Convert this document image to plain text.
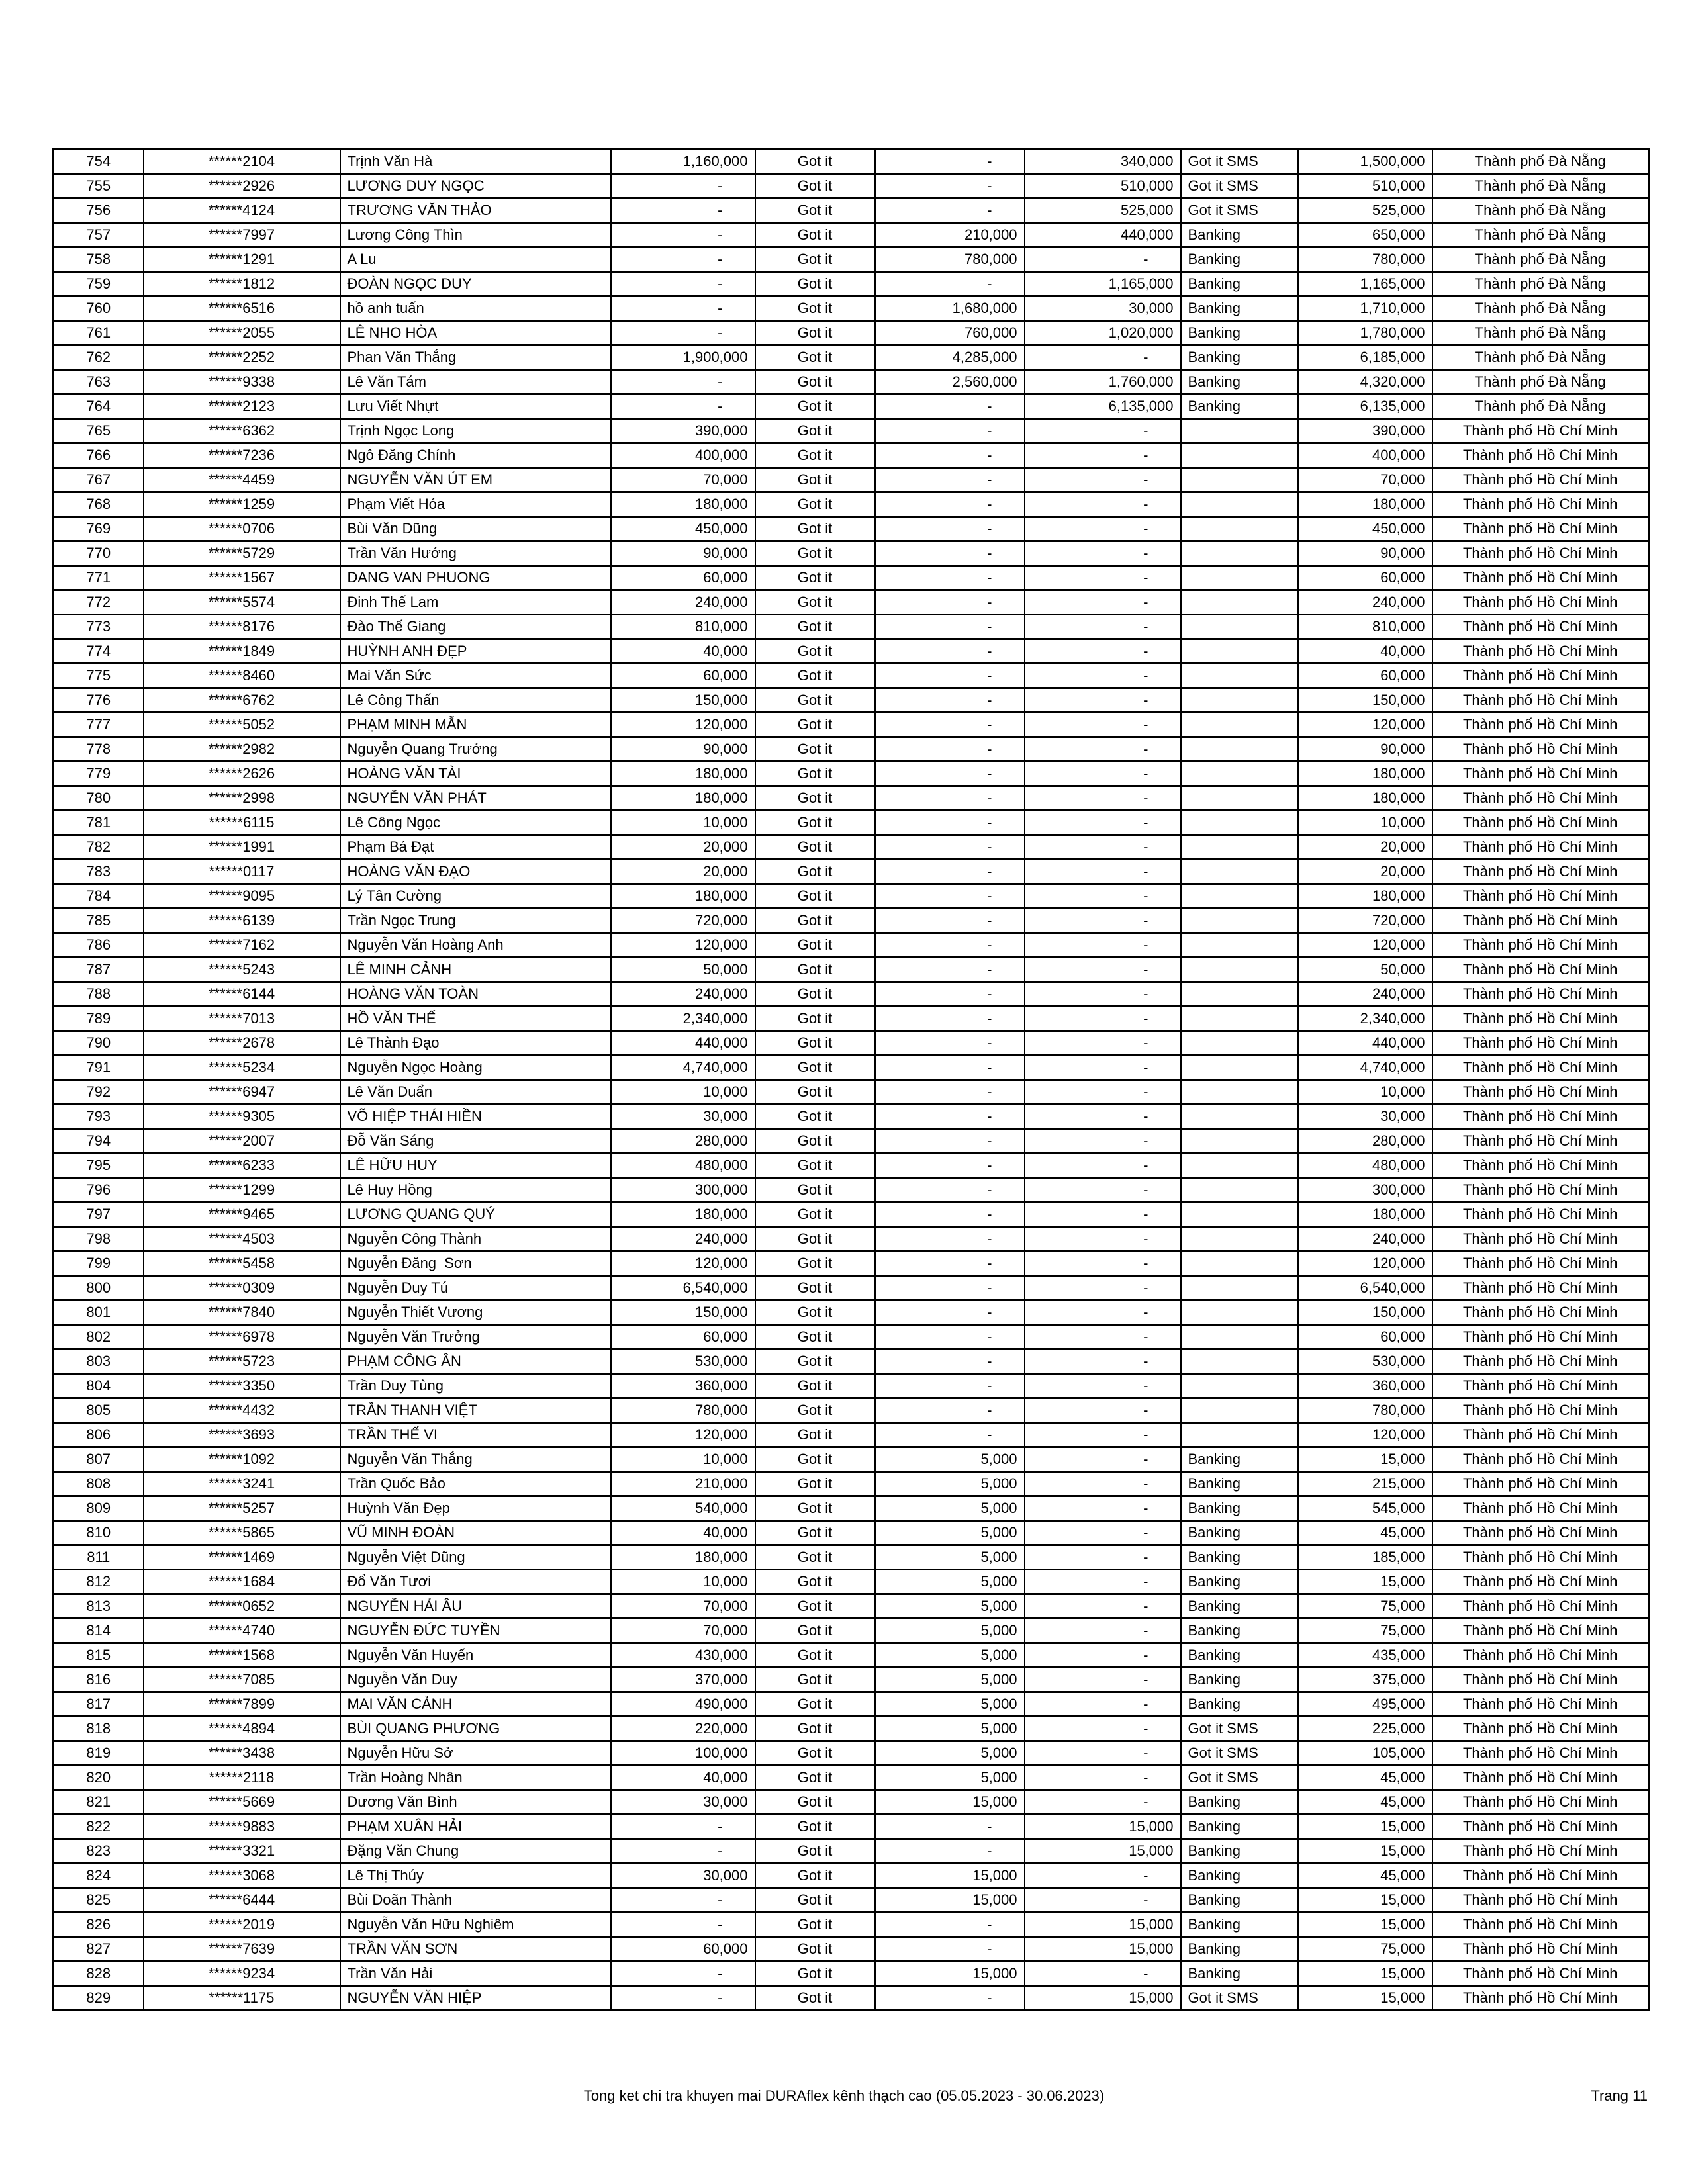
754	******2104	Trịnh Văn Hà	1,160,000	Got it	-	340,000	Got it SMS	1,500,000	Thành phố Đà Nẵng
755	******2926	LƯƠNG DUY NGỌC	-	Got it	-	510,000	Got it SMS	510,000	Thành phố Đà Nẵng
756	******4124	TRƯƠNG VĂN THẢO	-	Got it	-	525,000	Got it SMS	525,000	Thành phố Đà Nẵng
757	******7997	Lương Công Thìn	-	Got it	210,000	440,000	Banking	650,000	Thành phố Đà Nẵng
758	******1291	A Lu	-	Got it	780,000	-	Banking	780,000	Thành phố Đà Nẵng
759	******1812	ĐOÀN NGỌC DUY	-	Got it	-	1,165,000	Banking	1,165,000	Thành phố Đà Nẵng
760	******6516	hồ anh tuấn	-	Got it	1,680,000	30,000	Banking	1,710,000	Thành phố Đà Nẵng
761	******2055	LÊ NHO HÒA	-	Got it	760,000	1,020,000	Banking	1,780,000	Thành phố Đà Nẵng
762	******2252	Phan Văn Thắng	1,900,000	Got it	4,285,000	-	Banking	6,185,000	Thành phố Đà Nẵng
763	******9338	Lê Văn Tám	-	Got it	2,560,000	1,760,000	Banking	4,320,000	Thành phố Đà Nẵng
764	******2123	Lưu Viết Nhựt	-	Got it	-	6,135,000	Banking	6,135,000	Thành phố Đà Nẵng
765	******6362	Trịnh Ngọc Long	390,000	Got it	-	-		390,000	Thành phố Hồ Chí Minh
766	******7236	Ngô Đăng Chính	400,000	Got it	-	-		400,000	Thành phố Hồ Chí Minh
767	******4459	NGUYỄN VĂN ÚT EM	70,000	Got it	-	-		70,000	Thành phố Hồ Chí Minh
768	******1259	Phạm Viết Hóa	180,000	Got it	-	-		180,000	Thành phố Hồ Chí Minh
769	******0706	Bùi Văn Dũng	450,000	Got it	-	-		450,000	Thành phố Hồ Chí Minh
770	******5729	Trần Văn Hướng	90,000	Got it	-	-		90,000	Thành phố Hồ Chí Minh
771	******1567	DANG VAN PHUONG	60,000	Got it	-	-		60,000	Thành phố Hồ Chí Minh
772	******5574	Đinh Thế Lam	240,000	Got it	-	-		240,000	Thành phố Hồ Chí Minh
773	******8176	Đào Thế Giang	810,000	Got it	-	-		810,000	Thành phố Hồ Chí Minh
774	******1849	HUỲNH ANH ĐẸP	40,000	Got it	-	-		40,000	Thành phố Hồ Chí Minh
775	******8460	Mai Văn Sức	60,000	Got it	-	-		60,000	Thành phố Hồ Chí Minh
776	******6762	Lê Công Thấn	150,000	Got it	-	-		150,000	Thành phố Hồ Chí Minh
777	******5052	PHẠM MINH MẪN	120,000	Got it	-	-		120,000	Thành phố Hồ Chí Minh
778	******2982	Nguyễn Quang Trưởng	90,000	Got it	-	-		90,000	Thành phố Hồ Chí Minh
779	******2626	HOÀNG VĂN TÀI	180,000	Got it	-	-		180,000	Thành phố Hồ Chí Minh
780	******2998	NGUYỄN VĂN PHÁT	180,000	Got it	-	-		180,000	Thành phố Hồ Chí Minh
781	******6115	Lê Công Ngọc	10,000	Got it	-	-		10,000	Thành phố Hồ Chí Minh
782	******1991	Phạm Bá Đạt	20,000	Got it	-	-		20,000	Thành phố Hồ Chí Minh
783	******0117	HOÀNG VĂN ĐẠO	20,000	Got it	-	-		20,000	Thành phố Hồ Chí Minh
784	******9095	Lý Tân Cường	180,000	Got it	-	-		180,000	Thành phố Hồ Chí Minh
785	******6139	Trần Ngọc Trung	720,000	Got it	-	-		720,000	Thành phố Hồ Chí Minh
786	******7162	Nguyễn Văn Hoàng Anh	120,000	Got it	-	-		120,000	Thành phố Hồ Chí Minh
787	******5243	LÊ MINH CẢNH	50,000	Got it	-	-		50,000	Thành phố Hồ Chí Minh
788	******6144	HOÀNG VĂN TOÀN	240,000	Got it	-	-		240,000	Thành phố Hồ Chí Minh
789	******7013	HỒ VĂN THẾ	2,340,000	Got it	-	-		2,340,000	Thành phố Hồ Chí Minh
790	******2678	Lê Thành Đạo	440,000	Got it	-	-		440,000	Thành phố Hồ Chí Minh
791	******5234	Nguyễn Ngọc Hoàng	4,740,000	Got it	-	-		4,740,000	Thành phố Hồ Chí Minh
792	******6947	Lê Văn Duẩn	10,000	Got it	-	-		10,000	Thành phố Hồ Chí Minh
793	******9305	VÕ HIỆP THÁI HIỀN	30,000	Got it	-	-		30,000	Thành phố Hồ Chí Minh
794	******2007	Đỗ Văn Sáng	280,000	Got it	-	-		280,000	Thành phố Hồ Chí Minh
795	******6233	LÊ HỮU HUY	480,000	Got it	-	-		480,000	Thành phố Hồ Chí Minh
796	******1299	Lê Huy Hồng	300,000	Got it	-	-		300,000	Thành phố Hồ Chí Minh
797	******9465	LƯƠNG QUANG QUÝ	180,000	Got it	-	-		180,000	Thành phố Hồ Chí Minh
798	******4503	Nguyễn Công Thành	240,000	Got it	-	-		240,000	Thành phố Hồ Chí Minh
799	******5458	Nguyễn Đăng  Sơn	120,000	Got it	-	-		120,000	Thành phố Hồ Chí Minh
800	******0309	Nguyễn Duy Tú	6,540,000	Got it	-	-		6,540,000	Thành phố Hồ Chí Minh
801	******7840	Nguyễn Thiết Vương	150,000	Got it	-	-		150,000	Thành phố Hồ Chí Minh
802	******6978	Nguyễn Văn Trưởng	60,000	Got it	-	-		60,000	Thành phố Hồ Chí Minh
803	******5723	PHẠM CÔNG ÂN	530,000	Got it	-	-		530,000	Thành phố Hồ Chí Minh
804	******3350	Trần Duy Tùng	360,000	Got it	-	-		360,000	Thành phố Hồ Chí Minh
805	******4432	TRẦN THANH VIỆT	780,000	Got it	-	-		780,000	Thành phố Hồ Chí Minh
806	******3693	TRẦN THẾ VI	120,000	Got it	-	-		120,000	Thành phố Hồ Chí Minh
807	******1092	Nguyễn Văn Thắng	10,000	Got it	5,000	-	Banking	15,000	Thành phố Hồ Chí Minh
808	******3241	Trần Quốc Bảo	210,000	Got it	5,000	-	Banking	215,000	Thành phố Hồ Chí Minh
809	******5257	Huỳnh Văn Đẹp	540,000	Got it	5,000	-	Banking	545,000	Thành phố Hồ Chí Minh
810	******5865	VŨ MINH ĐOÀN	40,000	Got it	5,000	-	Banking	45,000	Thành phố Hồ Chí Minh
811	******1469	Nguyễn Việt Dũng	180,000	Got it	5,000	-	Banking	185,000	Thành phố Hồ Chí Minh
812	******1684	Đổ Văn Tươi	10,000	Got it	5,000	-	Banking	15,000	Thành phố Hồ Chí Minh
813	******0652	NGUYỄN HẢI ÂU	70,000	Got it	5,000	-	Banking	75,000	Thành phố Hồ Chí Minh
814	******4740	NGUYỄN ĐỨC TUYỀN	70,000	Got it	5,000	-	Banking	75,000	Thành phố Hồ Chí Minh
815	******1568	Nguyễn Văn Huyến	430,000	Got it	5,000	-	Banking	435,000	Thành phố Hồ Chí Minh
816	******7085	Nguyễn Văn Duy	370,000	Got it	5,000	-	Banking	375,000	Thành phố Hồ Chí Minh
817	******7899	MAI VĂN CẢNH	490,000	Got it	5,000	-	Banking	495,000	Thành phố Hồ Chí Minh
818	******4894	BÙI QUANG PHƯƠNG	220,000	Got it	5,000	-	Got it SMS	225,000	Thành phố Hồ Chí Minh
819	******3438	Nguyễn Hữu Sở	100,000	Got it	5,000	-	Got it SMS	105,000	Thành phố Hồ Chí Minh
820	******2118	Trần Hoàng Nhân	40,000	Got it	5,000	-	Got it SMS	45,000	Thành phố Hồ Chí Minh
821	******5669	Dương Văn Bình	30,000	Got it	15,000	-	Banking	45,000	Thành phố Hồ Chí Minh
822	******9883	PHẠM XUÂN HẢI	-	Got it	-	15,000	Banking	15,000	Thành phố Hồ Chí Minh
823	******3321	Đặng Văn Chung	-	Got it	-	15,000	Banking	15,000	Thành phố Hồ Chí Minh
824	******3068	Lê Thị Thúy	30,000	Got it	15,000	-	Banking	45,000	Thành phố Hồ Chí Minh
825	******6444	Bùi Doãn Thành	-	Got it	15,000	-	Banking	15,000	Thành phố Hồ Chí Minh
826	******2019	Nguyễn Văn Hữu Nghiêm	-	Got it	-	15,000	Banking	15,000	Thành phố Hồ Chí Minh
827	******7639	TRẦN VĂN SƠN	60,000	Got it	-	15,000	Banking	75,000	Thành phố Hồ Chí Minh
828	******9234	Trần Văn Hải	-	Got it	15,000	-	Banking	15,000	Thành phố Hồ Chí Minh
829	******1175	NGUYỄN VĂN HIỆP	-	Got it	-	15,000	Got it SMS	15,000	Thành phố Hồ Chí Minh
Tong ket chi tra khuyen mai DURAflex kênh thạch cao (05.05.2023 - 30.06.2023)	Trang 11
